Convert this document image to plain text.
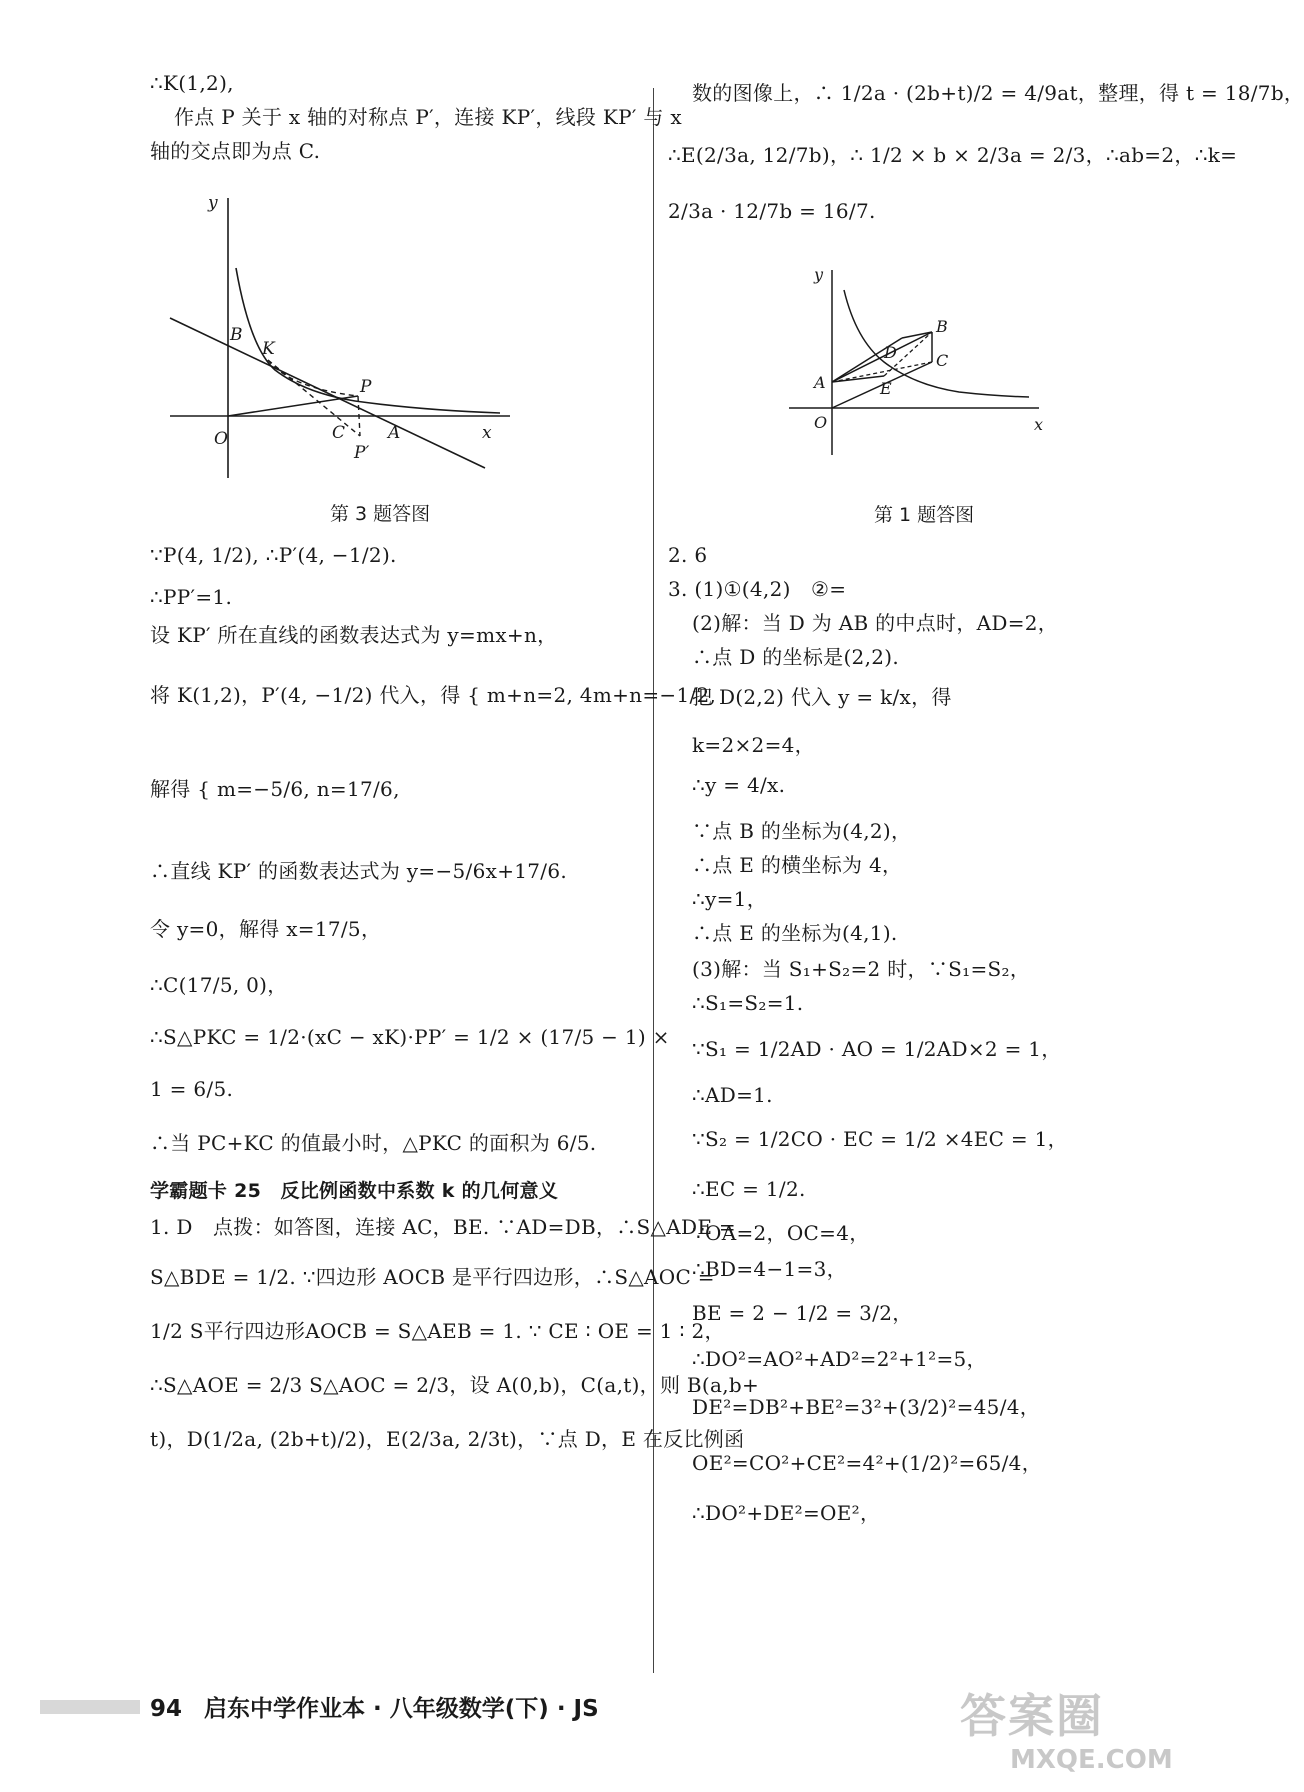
∴K(1,2),
作点 P 关于 x 轴的对称点 P′，连接 KP′，线段 KP′ 与 x
轴的交点即为点 C.
y
x
O
B
K
P
C	A
P′
第 3 题答图
∵P(4, 1/2), ∴P′(4, −1/2).
∴PP′=1.
设 KP′ 所在直线的函数表达式为 y=mx+n，
将 K(1,2)，P′(4, −1/2) 代入，得 { m+n=2, 4m+n=−1/2,
解得 { m=−5/6, n=17/6,
∴直线 KP′ 的函数表达式为 y=−5/6x+17/6.
令 y=0，解得 x=17/5，
∴C(17/5, 0)，
∴S△PKC = 1/2·(xC − xK)·PP′ = 1/2 × (17/5 − 1) ×
1 = 6/5.
∴当 PC+KC 的值最小时，△PKC 的面积为 6/5.
学霸题卡 25　反比例函数中系数 k 的几何意义
1. D　点拨：如答图，连接 AC，BE. ∵AD=DB，∴S△ADE =
S△BDE = 1/2. ∵四边形 AOCB 是平行四边形，∴S△AOC =
1/2 S平行四边形AOCB = S△AEB = 1. ∵ CE ∶ OE = 1 ∶ 2，
∴S△AOE = 2/3 S△AOC = 2/3，设 A(0,b)，C(a,t)，则 B(a,b+
t)，D(1/2a, (2b+t)/2)，E(2/3a, 2/3t)，∵点 D，E 在反比例函
数的图像上，∴ 1/2a · (2b+t)/2 = 4/9at，整理，得 t = 18/7b，
∴E(2/3a, 12/7b)，∴ 1/2 × b × 2/3a = 2/3，∴ab=2，∴k=
2/3a · 12/7b = 16/7.
y
x
O
A
B
C
D
E
第 1 题答图
2. 6
3. (1)①(4,2)　②=
(2)解：当 D 为 AB 的中点时，AD=2，
∴点 D 的坐标是(2,2).
把 D(2,2) 代入 y = k/x，得
k=2×2=4，
∴y = 4/x.
∵点 B 的坐标为(4,2)，
∴点 E 的横坐标为 4，
∴y=1，
∴点 E 的坐标为(4,1).
(3)解：当 S₁+S₂=2 时，∵S₁=S₂，
∴S₁=S₂=1.
∵S₁ = 1/2AD · AO = 1/2AD×2 = 1，
∴AD=1.
∵S₂ = 1/2CO · EC = 1/2 ×4EC = 1，
∴EC = 1/2.
∵OA=2，OC=4，
∴BD=4−1=3，
BE = 2 − 1/2 = 3/2，
∴DO²=AO²+AD²=2²+1²=5，
DE²=DB²+BE²=3²+(3/2)²=45/4，
OE²=CO²+CE²=4²+(1/2)²=65/4，
∴DO²+DE²=OE²，
94 启东中学作业本 · 八年级数学(下) · JS	答案圈
MXQE.COM
